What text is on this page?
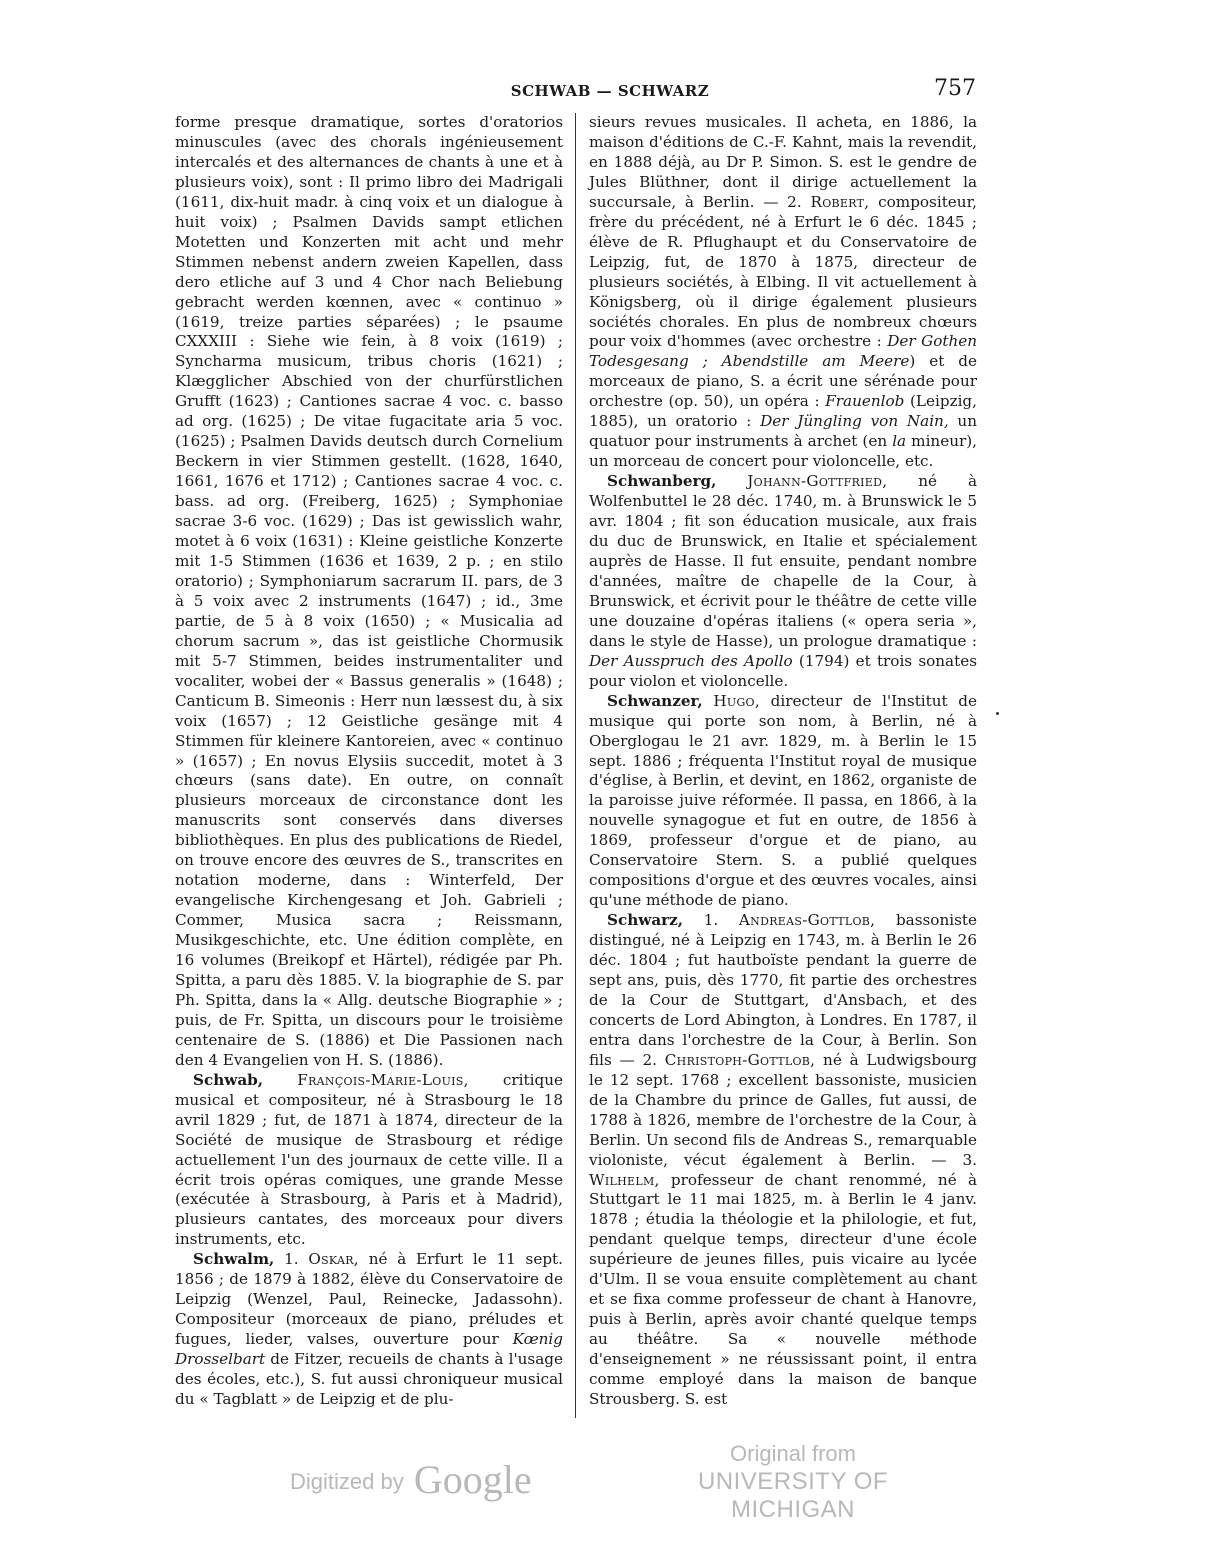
SCHWAB — SCHWARZ	757

forme presque dramatique, sortes d'oratorios minuscules (avec des chorals ingénieusement intercalés et des alternances de chants à une et à plusieurs voix), sont : Il primo libro dei Madrigali (1611, dix-huit madr. à cinq voix et un dialogue à huit voix) ; Psalmen Davids sampt etlichen Motetten und Konzerten mit acht und mehr Stimmen nebenst andern zweien Kapellen, dass dero etliche auf 3 und 4 Chor nach Beliebung gebracht werden kœnnen, avec « continuo » (1619, treize parties séparées) ; le psaume CXXXIII : Siehe wie fein, à 8 voix (1619) ; Syncharma musicum, tribus choris (1621) ; Klægglicher Abschied von der churfürstlichen Grufft (1623) ; Cantiones sacrae 4 voc. c. basso ad org. (1625) ; De vitae fugacitate aria 5 voc. (1625) ; Psalmen Davids deutsch durch Cornelium Beckern in vier Stimmen gestellt. (1628, 1640, 1661, 1676 et 1712) ; Cantiones sacrae 4 voc. c. bass. ad org. (Freiberg, 1625) ; Symphoniae sacrae 3-6 voc. (1629) ; Das ist gewisslich wahr, motet à 6 voix (1631) : Kleine geistliche Konzerte mit 1-5 Stimmen (1636 et 1639, 2 p. ; en stilo oratorio) ; Symphoniarum sacrarum II. pars, de 3 à 5 voix avec 2 instruments (1647) ; id., 3me partie, de 5 à 8 voix (1650) ; « Musicalia ad chorum sacrum », das ist geistliche Chormusik mit 5-7 Stimmen, beides instrumentaliter und vocaliter, wobei der « Bassus generalis » (1648) ; Canticum B. Simeonis : Herr nun læssest du, à six voix (1657) ; 12 Geistliche gesänge mit 4 Stimmen für kleinere Kantoreien, avec « continuo » (1657) ; En novus Elysiis succedit, motet à 3 chœurs (sans date). En outre, on connaît plusieurs morceaux de circonstance dont les manuscrits sont conservés dans diverses bibliothèques. En plus des publications de Riedel, on trouve encore des œuvres de S., transcrites en notation moderne, dans : Winterfeld, Der evangelische Kirchengesang et Joh. Gabrieli ; Commer, Musica sacra ; Reissmann, Musikgeschichte, etc. Une édition complète, en 16 volumes (Breikopf et Härtel), rédigée par Ph. Spitta, a paru dès 1885. V. la biographie de S. par Ph. Spitta, dans la « Allg. deutsche Biographie » ; puis, de Fr. Spitta, un discours pour le troisième centenaire de S. (1886) et Die Passionen nach den 4 Evangelien von H. S. (1886).

Schwab, François-Marie-Louis, critique musical et compositeur, né à Strasbourg le 18 avril 1829 ; fut, de 1871 à 1874, directeur de la Société de musique de Strasbourg et rédige actuellement l'un des journaux de cette ville. Il a écrit trois opéras comiques, une grande Messe (exécutée à Strasbourg, à Paris et à Madrid), plusieurs cantates, des morceaux pour divers instruments, etc.

Schwalm, 1. Oskar, né à Erfurt le 11 sept. 1856 ; de 1879 à 1882, élève du Conservatoire de Leipzig (Wenzel, Paul, Reinecke, Jadassohn). Compositeur (morceaux de piano, préludes et fugues, lieder, valses, ouverture pour Kœnig Drosselbart de Fitzer, recueils de chants à l'usage des écoles, etc.), S. fut aussi chroniqueur musical du « Tagblatt » de Leipzig et de plu-

sieurs revues musicales. Il acheta, en 1886, la maison d'éditions de C.-F. Kahnt, mais la revendit, en 1888 déjà, au Dr P. Simon. S. est le gendre de Jules Blüthner, dont il dirige actuellement la succursale, à Berlin. — 2. Robert, compositeur, frère du précédent, né à Erfurt le 6 déc. 1845 ; élève de R. Pflughaupt et du Conservatoire de Leipzig, fut, de 1870 à 1875, directeur de plusieurs sociétés, à Elbing. Il vit actuellement à Königsberg, où il dirige également plusieurs sociétés chorales. En plus de nombreux chœurs pour voix d'hommes (avec orchestre : Der Gothen Todesgesang ; Abendstille am Meere) et de morceaux de piano, S. a écrit une sérénade pour orchestre (op. 50), un opéra : Frauenlob (Leipzig, 1885), un oratorio : Der Jüngling von Nain, un quatuor pour instruments à archet (en la mineur), un morceau de concert pour violoncelle, etc.

Schwanberg, Johann-Gottfried, né à Wolfenbuttel le 28 déc. 1740, m. à Brunswick le 5 avr. 1804 ; fit son éducation musicale, aux frais du duc de Brunswick, en Italie et spécialement auprès de Hasse. Il fut ensuite, pendant nombre d'années, maître de chapelle de la Cour, à Brunswick, et écrivit pour le théâtre de cette ville une douzaine d'opéras italiens (« opera seria », dans le style de Hasse), un prologue dramatique : Der Ausspruch des Apollo (1794) et trois sonates pour violon et violoncelle.

Schwanzer, Hugo, directeur de l'Institut de musique qui porte son nom, à Berlin, né à Oberglogau le 21 avr. 1829, m. à Berlin le 15 sept. 1886 ; fréquenta l'Institut royal de musique d'église, à Berlin, et devint, en 1862, organiste de la paroisse juive réformée. Il passa, en 1866, à la nouvelle synagogue et fut en outre, de 1856 à 1869, professeur d'orgue et de piano, au Conservatoire Stern. S. a publié quelques compositions d'orgue et des œuvres vocales, ainsi qu'une méthode de piano.

Schwarz, 1. Andreas-Gottlob, bassoniste distingué, né à Leipzig en 1743, m. à Berlin le 26 déc. 1804 ; fut hautboïste pendant la guerre de sept ans, puis, dès 1770, fit partie des orchestres de la Cour de Stuttgart, d'Ansbach, et des concerts de Lord Abington, à Londres. En 1787, il entra dans l'orchestre de la Cour, à Berlin. Son fils — 2. Christoph-Gottlob, né à Ludwigsbourg le 12 sept. 1768 ; excellent bassoniste, musicien de la Chambre du prince de Galles, fut aussi, de 1788 à 1826, membre de l'orchestre de la Cour, à Berlin. Un second fils de Andreas S., remarquable violoniste, vécut également à Berlin. — 3. Wilhelm, professeur de chant renommé, né à Stuttgart le 11 mai 1825, m. à Berlin le 4 janv. 1878 ; étudia la théologie et la philologie, et fut, pendant quelque temps, directeur d'une école supérieure de jeunes filles, puis vicaire au lycée d'Ulm. Il se voua ensuite complètement au chant et se fixa comme professeur de chant à Hanovre, puis à Berlin, après avoir chanté quelque temps au théâtre. Sa « nouvelle méthode d'enseignement » ne réussissant point, il entra comme employé dans la maison de banque Strousberg. S. est

Digitized by Google
Original from
UNIVERSITY OF MICHIGAN
